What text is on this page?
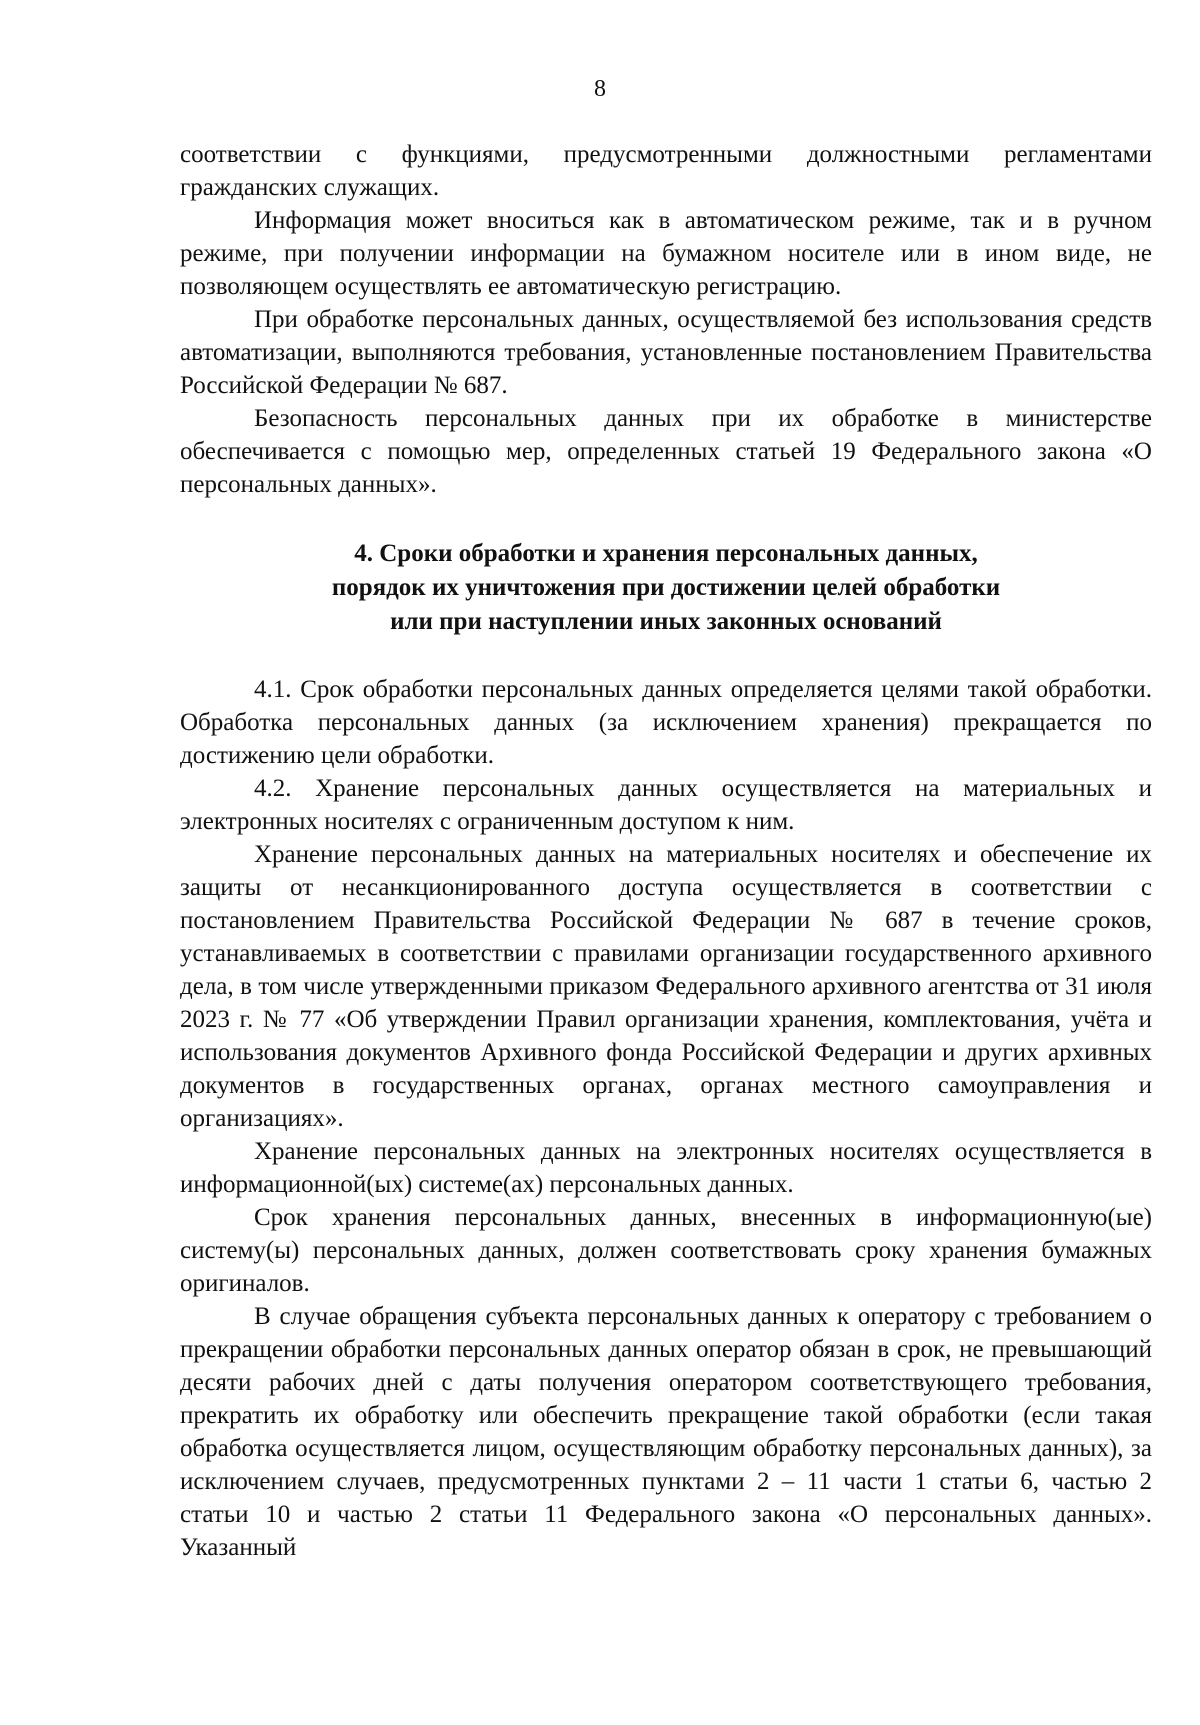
8

соответствии с функциями, предусмотренными должностными регламентами гражданских служащих.

Информация может вноситься как в автоматическом режиме, так и в ручном режиме, при получении информации на бумажном носителе или в ином виде, не позволяющем осуществлять ее автоматическую регистрацию.

При обработке персональных данных, осуществляемой без использования средств автоматизации, выполняются требования, установленные постановлением Правительства Российской Федерации № 687.

Безопасность персональных данных при их обработке в министерстве обеспечивается с помощью мер, определенных статьей 19 Федерального закона «О персональных данных».

4. Сроки обработки и хранения персональных данных,
порядок их уничтожения при достижении целей обработки
или при наступлении иных законных оснований

4.1. Срок обработки персональных данных определяется целями такой обработки. Обработка персональных данных (за исключением хранения) прекращается по достижению цели обработки.

4.2. Хранение персональных данных осуществляется на материальных и электронных носителях с ограниченным доступом к ним.

Хранение персональных данных на материальных носителях и обеспечение их защиты от несанкционированного доступа осуществляется в соответствии с постановлением Правительства Российской Федерации № 687 в течение сроков, устанавливаемых в соответствии с правилами организации государственного архивного дела, в том числе утвержденными приказом Федерального архивного агентства от 31 июля 2023 г. № 77 «Об утверждении Правил организации хранения, комплектования, учёта и использования документов Архивного фонда Российской Федерации и других архивных документов в государственных органах, органах местного самоуправления и организациях».

Хранение персональных данных на электронных носителях осуществляется в информационной(ых) системе(ах) персональных данных.

Срок хранения персональных данных, внесенных в информационную(ые) систему(ы) персональных данных, должен соответствовать сроку хранения бумажных оригиналов.

В случае обращения субъекта персональных данных к оператору с требованием о прекращении обработки персональных данных оператор обязан в срок, не превышающий десяти рабочих дней с даты получения оператором соответствующего требования, прекратить их обработку или обеспечить прекращение такой обработки (если такая обработка осуществляется лицом, осуществляющим обработку персональных данных), за исключением случаев, предусмотренных пунктами 2 – 11 части 1 статьи 6, частью 2 статьи 10 и частью 2 статьи 11 Федерального закона «О персональных данных». Указанный
